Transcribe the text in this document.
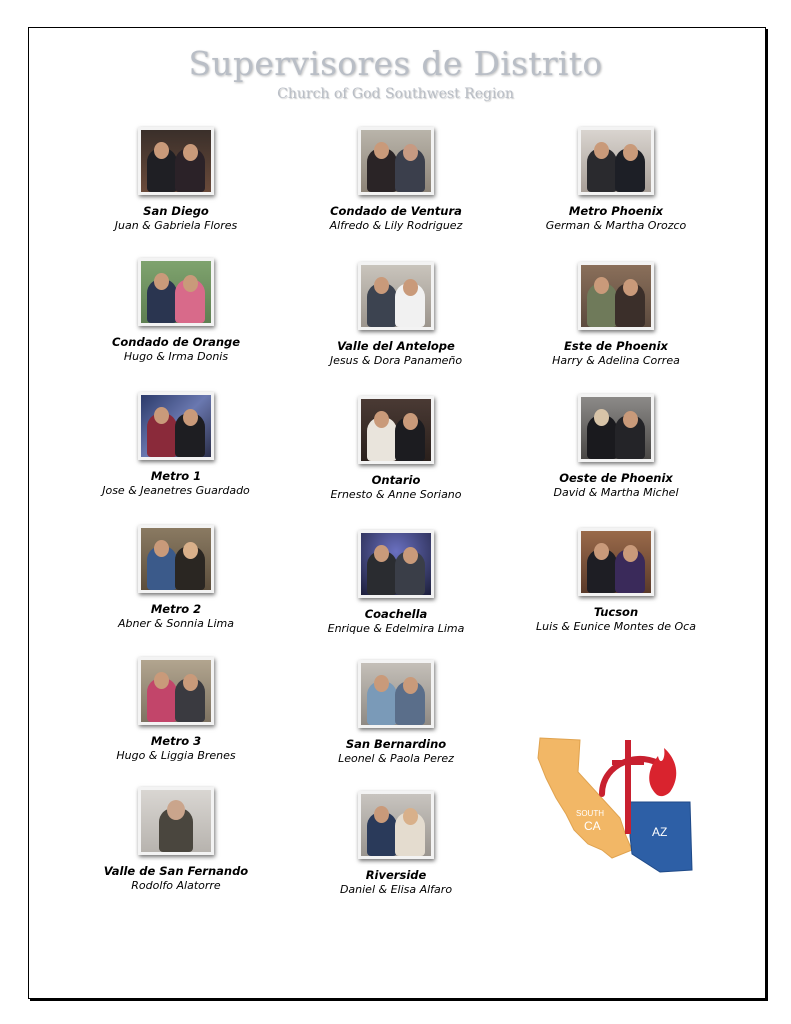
Supervisores de Distrito
Church of God Southwest Region
San Diego
Juan & Gabriela Flores
Condado de Ventura
Alfredo & Lily Rodriguez
Metro Phoenix
German & Martha Orozco
Condado de Orange
Hugo & Irma Donis
Valle del Antelope
Jesus & Dora Panameño
Este de Phoenix
Harry & Adelina Correa
Metro 1
Jose & Jeanetres Guardado
Ontario
Ernesto & Anne Soriano
Oeste de Phoenix
David & Martha Michel
Metro 2
Abner & Sonnia Lima
Coachella
Enrique & Edelmira Lima
Tucson
Luis & Eunice Montes de Oca
Metro 3
Hugo & Liggia Brenes
San Bernardino
Leonel & Paola Perez
Valle de San Fernando
Rodolfo Alatorre
Riverside
Daniel & Elisa Alfaro
SOUTH
CA	AZ
